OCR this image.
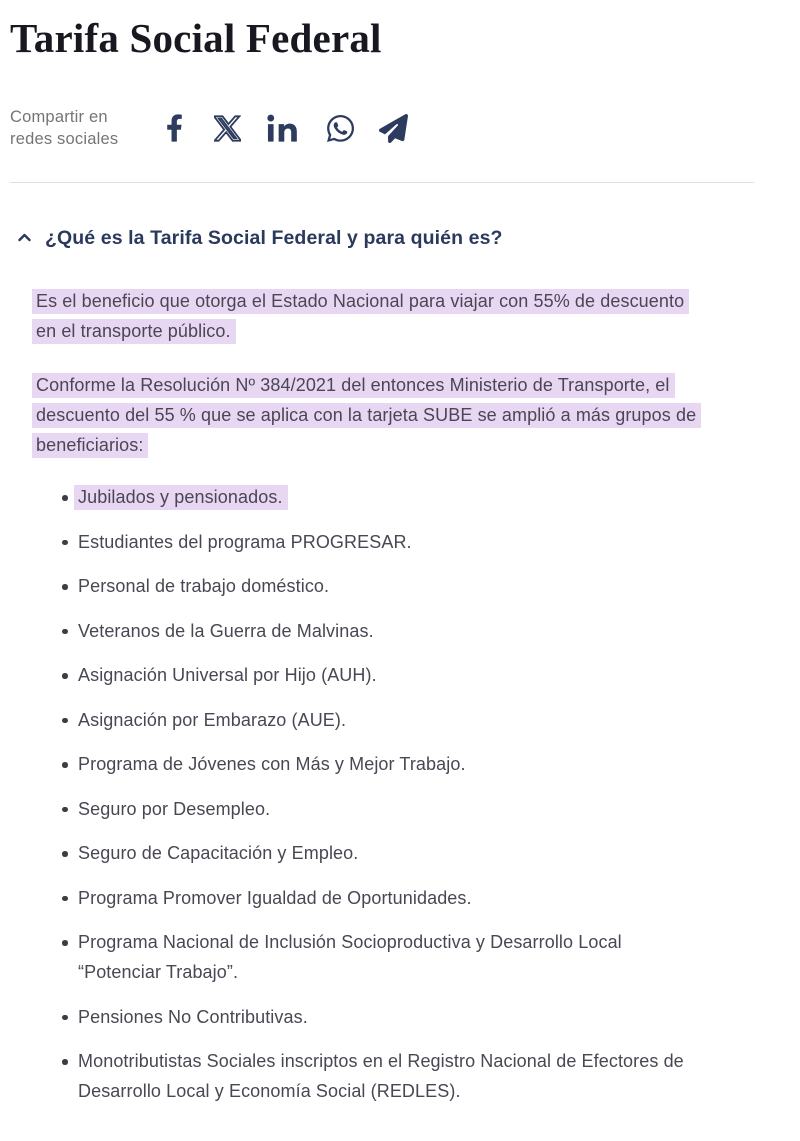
Tarifa Social Federal
Compartir en redes sociales
¿Qué es la Tarifa Social Federal y para quién es?

Es el beneficio que otorga el Estado Nacional para viajar con 55% de descuento
en el transporte público.

Conforme la Resolución Nº 384/2021 del entonces Ministerio de Transporte, el
descuento del 55 % que se aplica con la tarjeta SUBE se amplió a más grupos de
beneficiarios:

Jubilados y pensionados.
Estudiantes del programa PROGRESAR.
Personal de trabajo doméstico.
Veteranos de la Guerra de Malvinas.
Asignación Universal por Hijo (AUH).
Asignación por Embarazo (AUE).
Programa de Jóvenes con Más y Mejor Trabajo.
Seguro por Desempleo.
Seguro de Capacitación y Empleo.
Programa Promover Igualdad de Oportunidades.
Programa Nacional de Inclusión Socioproductiva y Desarrollo Local
“Potenciar Trabajo”.
Pensiones No Contributivas.
Monotributistas Sociales inscriptos en el Registro Nacional de Efectores de
Desarrollo Local y Economía Social (REDLES).
